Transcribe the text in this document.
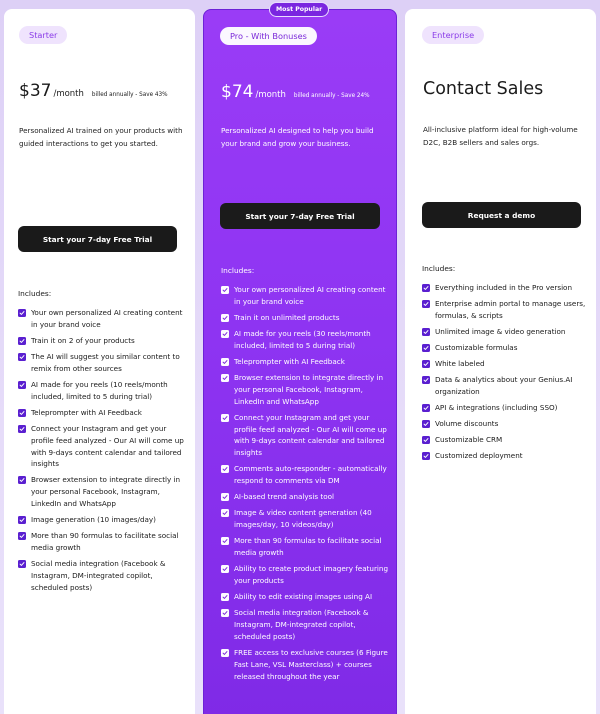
Starter
$37 /month billed annually - Save 43%

Personalized AI trained on your products with guided interactions to get you started.

Start your 7-day Free Trial
Includes:
Your own personalized AI creating content in your brand voice
Train it on 2 of your products
The AI will suggest you similar content to remix from other sources
AI made for you reels (10 reels/month included, limited to 5 during trial)
Teleprompter with AI Feedback
Connect your Instagram and get your profile feed analyzed - Our AI will come up with 9-days content calendar and tailored insights
Browser extension to integrate directly in your personal Facebook, Instagram, LinkedIn and WhatsApp
Image generation (10 images/day)
More than 90 formulas to facilitate social media growth
Social media integration (Facebook & Instagram, DM-integrated copilot, scheduled posts)
Most Popular
Pro - With Bonuses
$74 /month billed annually - Save 24%

Personalized AI designed to help you build your brand and grow your business.

Start your 7-day Free Trial
Includes:
Your own personalized AI creating content in your brand voice
Train it on unlimited products
AI made for you reels (30 reels/month included, limited to 5 during trial)
Teleprompter with AI Feedback
Browser extension to integrate directly in your personal Facebook, Instagram, LinkedIn and WhatsApp
Connect your Instagram and get your profile feed analyzed - Our AI will come up with 9-days content calendar and tailored insights
Comments auto-responder - automatically respond to comments via DM
AI-based trend analysis tool
Image & video content generation (40 images/day, 10 videos/day)
More than 90 formulas to facilitate social media growth
Ability to create product imagery featuring your products
Ability to edit existing images using AI
Social media integration (Facebook & Instagram, DM-integrated copilot, scheduled posts)
FREE access to exclusive courses (6 Figure Fast Lane, VSL Masterclass) + courses released throughout the year
Enterprise
Contact Sales

All-inclusive platform ideal for high-volume D2C, B2B sellers and sales orgs.

Request a demo
Includes:
Everything included in the Pro version
Enterprise admin portal to manage users, formulas, & scripts
Unlimited image & video generation
Customizable formulas
White labeled
Data & analytics about your Genius.AI organization
API & integrations (including SSO)
Volume discounts
Customizable CRM
Customized deployment
